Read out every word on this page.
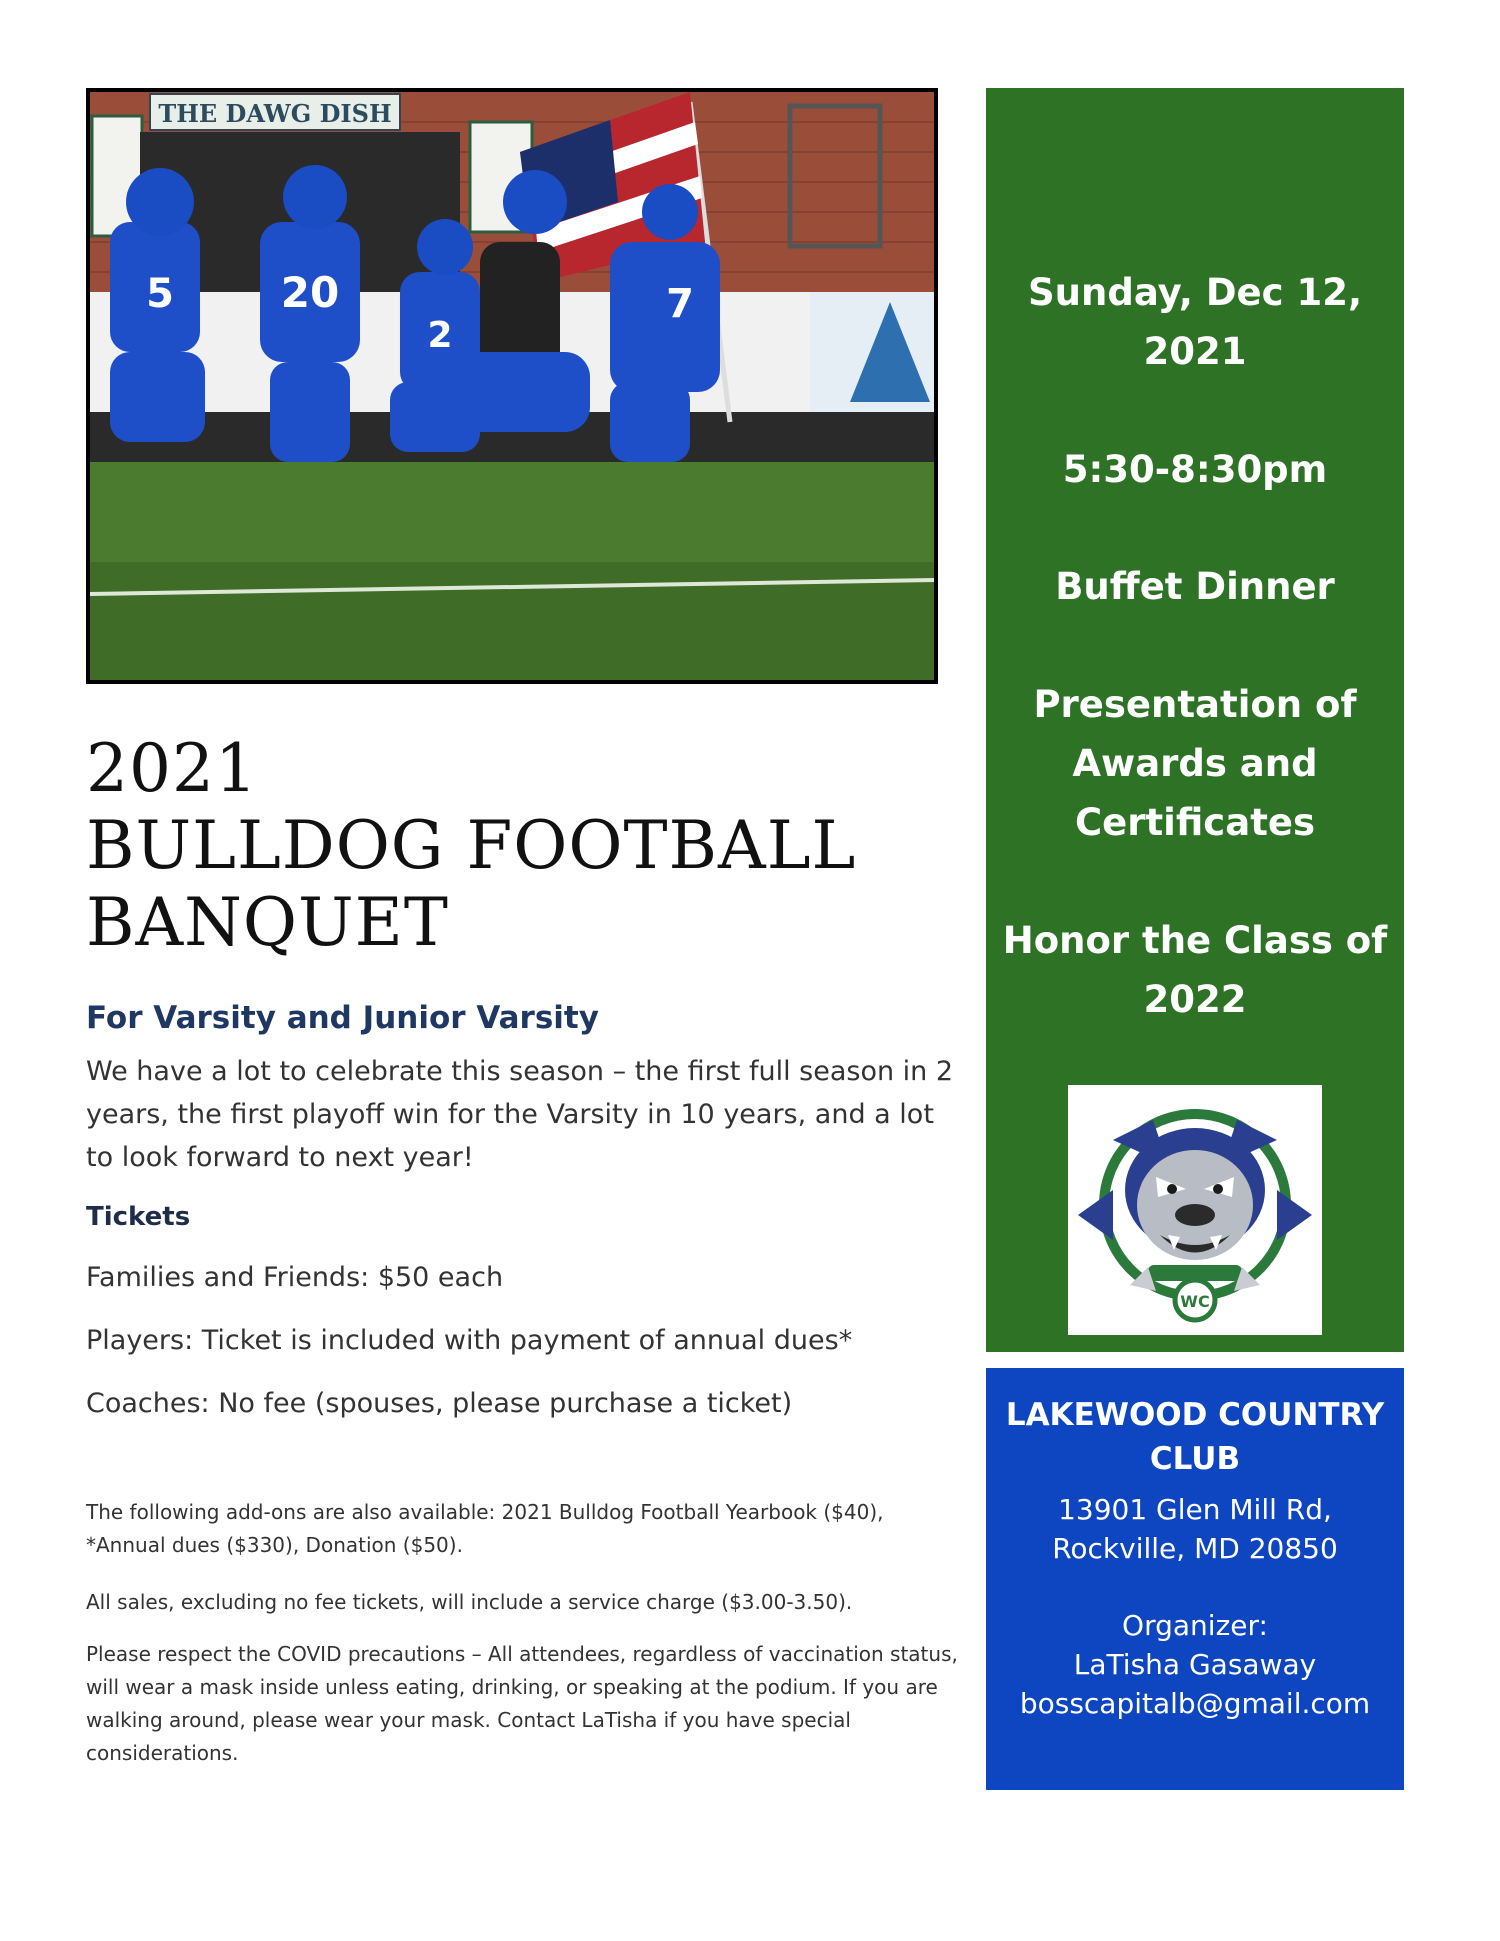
THE DAWG DISH
5	20
2
7
2021
BULLDOG FOOTBALL
BANQUET
For Varsity and Junior Varsity

We have a lot to celebrate this season – the first full season in 2 years, the first playoff win for the Varsity in 10 years, and a lot to look forward to next year!

Tickets

Families and Friends: $50 each

Players: Ticket is included with payment of annual dues*

Coaches: No fee (spouses, please purchase a ticket)

The following add-ons are also available: 2021 Bulldog Football Yearbook ($40), *Annual dues ($330), Donation ($50).

All sales, excluding no fee tickets, will include a service charge ($3.00-3.50).

Please respect the COVID precautions – All attendees, regardless of vaccination status, will wear a mask inside unless eating, drinking, or speaking at the podium. If you are walking around, please wear your mask. Contact LaTisha if you have special considerations.

Sunday, Dec 12,

2021

5:30-8:30pm

Buffet Dinner

Presentation of

Awards and

Certificates

Honor the Class of

2022

WC

LAKEWOOD COUNTRY
CLUB

13901 Glen Mill Rd,

Rockville, MD 20850

Organizer:

LaTisha Gasaway

bosscapitalb@gmail.com
